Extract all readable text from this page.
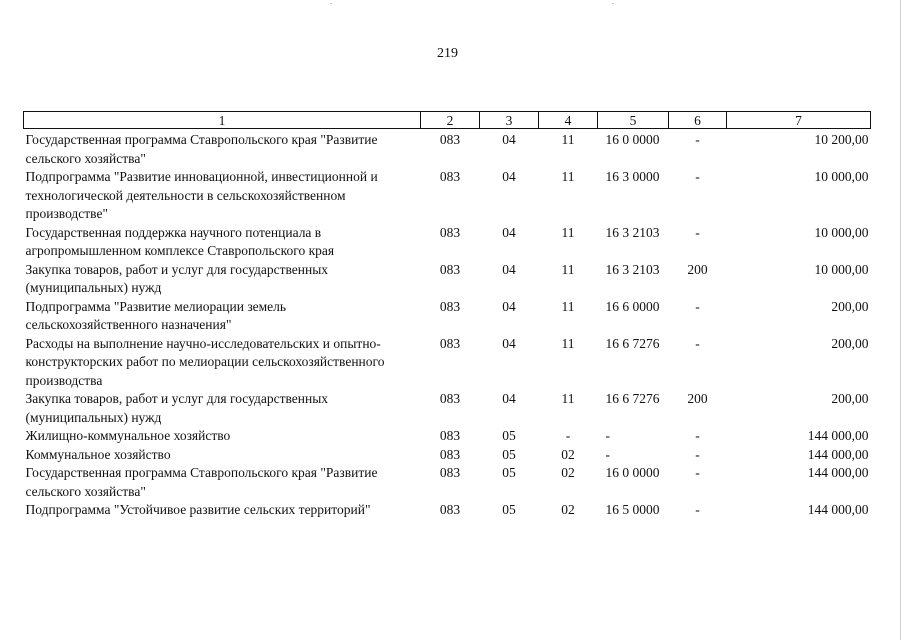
219
1	2	3	4	5	6	7
Государственная программа Ставропольского края "Развитие сельского хозяйства"	083	04	11	16 0 0000	-	10 200,00
Подпрограмма "Развитие инновационной, инвестиционной и технологической деятельности в сельскохозяйственном производстве"	083	04	11	16 3 0000	-	10 000,00
Государственная поддержка научного потенциала в агропромышленном комплексе Ставропольского края	083	04	11	16 3 2103	-	10 000,00
Закупка товаров, работ и услуг для государственных (муниципальных) нужд	083	04	11	16 3 2103	200	10 000,00
Подпрограмма "Развитие мелиорации земель сельскохозяйственного назначения"	083	04	11	16 6 0000	-	200,00
Расходы на выполнение научно-исследовательских и опытно-конструкторских работ по мелиорации сельскохозяйственного производства	083	04	11	16 6 7276	-	200,00
Закупка товаров, работ и услуг для государственных (муниципальных) нужд	083	04	11	16 6 7276	200	200,00
Жилищно-коммунальное хозяйство	083	05	-	-	-	144 000,00
Коммунальное хозяйство	083	05	02	-	-	144 000,00
Государственная программа Ставропольского края "Развитие сельского хозяйства"	083	05	02	16 0 0000	-	144 000,00
Подпрограмма "Устойчивое развитие сельских территорий"	083	05	02	16 5 0000	-	144 000,00
